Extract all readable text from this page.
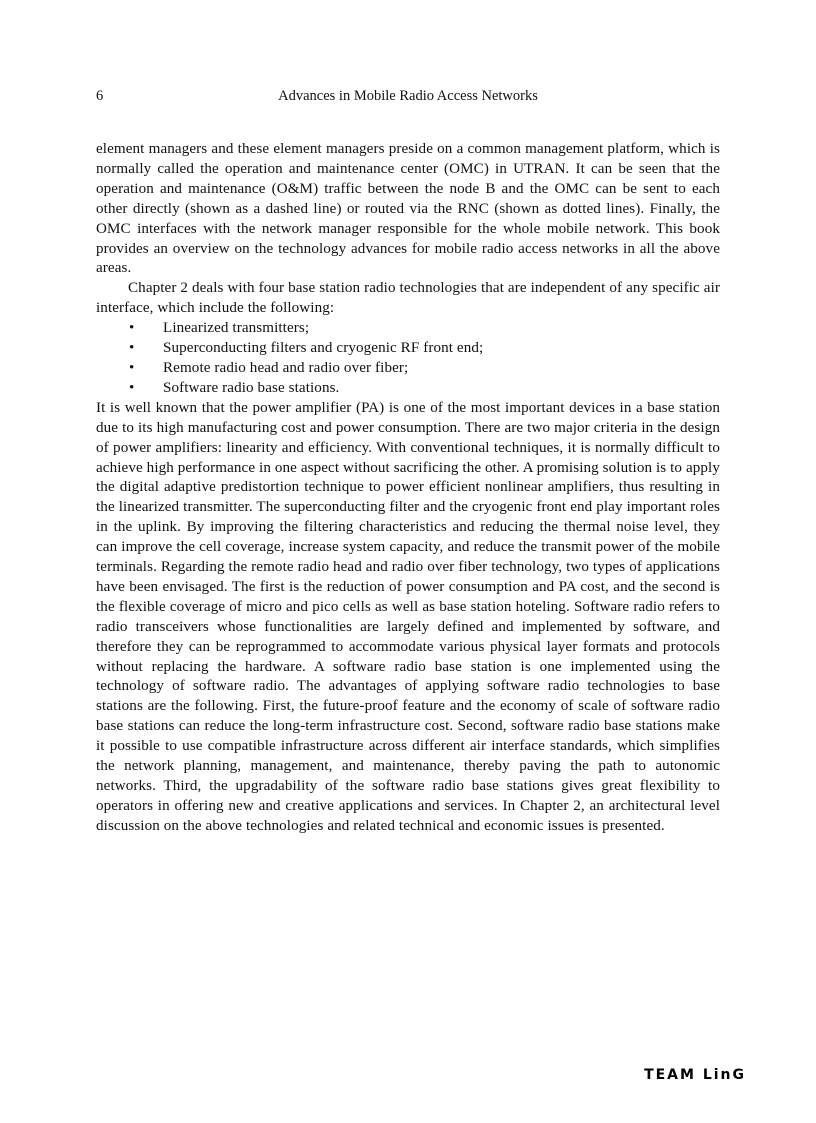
6	Advances in Mobile Radio Access Networks

element managers and these element managers preside on a common management platform, which is normally called the operation and maintenance center (OMC) in UTRAN. It can be seen that the operation and maintenance (O&M) traffic between the node B and the OMC can be sent to each other directly (shown as a dashed line) or routed via the RNC (shown as dotted lines). Finally, the OMC interfaces with the network manager responsible for the whole mobile network. This book provides an overview on the technology advances for mobile radio access networks in all the above areas.

Chapter 2 deals with four base station radio technologies that are independent of any specific air interface, which include the following:

• Linearized transmitters;
• Superconducting filters and cryogenic RF front end;
• Remote radio head and radio over fiber;
• Software radio base stations.

It is well known that the power amplifier (PA) is one of the most important devices in a base station due to its high manufacturing cost and power consumption. There are two major criteria in the design of power amplifiers: linearity and efficiency. With conventional techniques, it is normally difficult to achieve high performance in one aspect without sacrificing the other. A promising solution is to apply the digital adaptive predistortion technique to power efficient nonlinear amplifiers, thus resulting in the linearized transmitter. The superconducting filter and the cryogenic front end play important roles in the uplink. By improving the filtering characteristics and reducing the thermal noise level, they can improve the cell coverage, increase system capacity, and reduce the transmit power of the mobile terminals. Regarding the remote radio head and radio over fiber technology, two types of applications have been envisaged. The first is the reduction of power consumption and PA cost, and the second is the flexible coverage of micro and pico cells as well as base station hoteling. Software radio refers to radio transceivers whose functionalities are largely defined and implemented by software, and therefore they can be reprogrammed to accommodate various physical layer formats and protocols without replacing the hardware. A software radio base station is one implemented using the technology of software radio. The advantages of applying software radio technologies to base stations are the following. First, the future-proof feature and the economy of scale of software radio base stations can reduce the long-term infrastructure cost. Second, software radio base stations make it possible to use compatible infrastructure across different air interface standards, which simplifies the network planning, management, and maintenance, thereby paving the path to autonomic networks. Third, the upgradability of the software radio base stations gives great flexibility to operators in offering new and creative applications and services. In Chapter 2, an architectural level discussion on the above technologies and related technical and economic issues is presented.

TEAM LinG
